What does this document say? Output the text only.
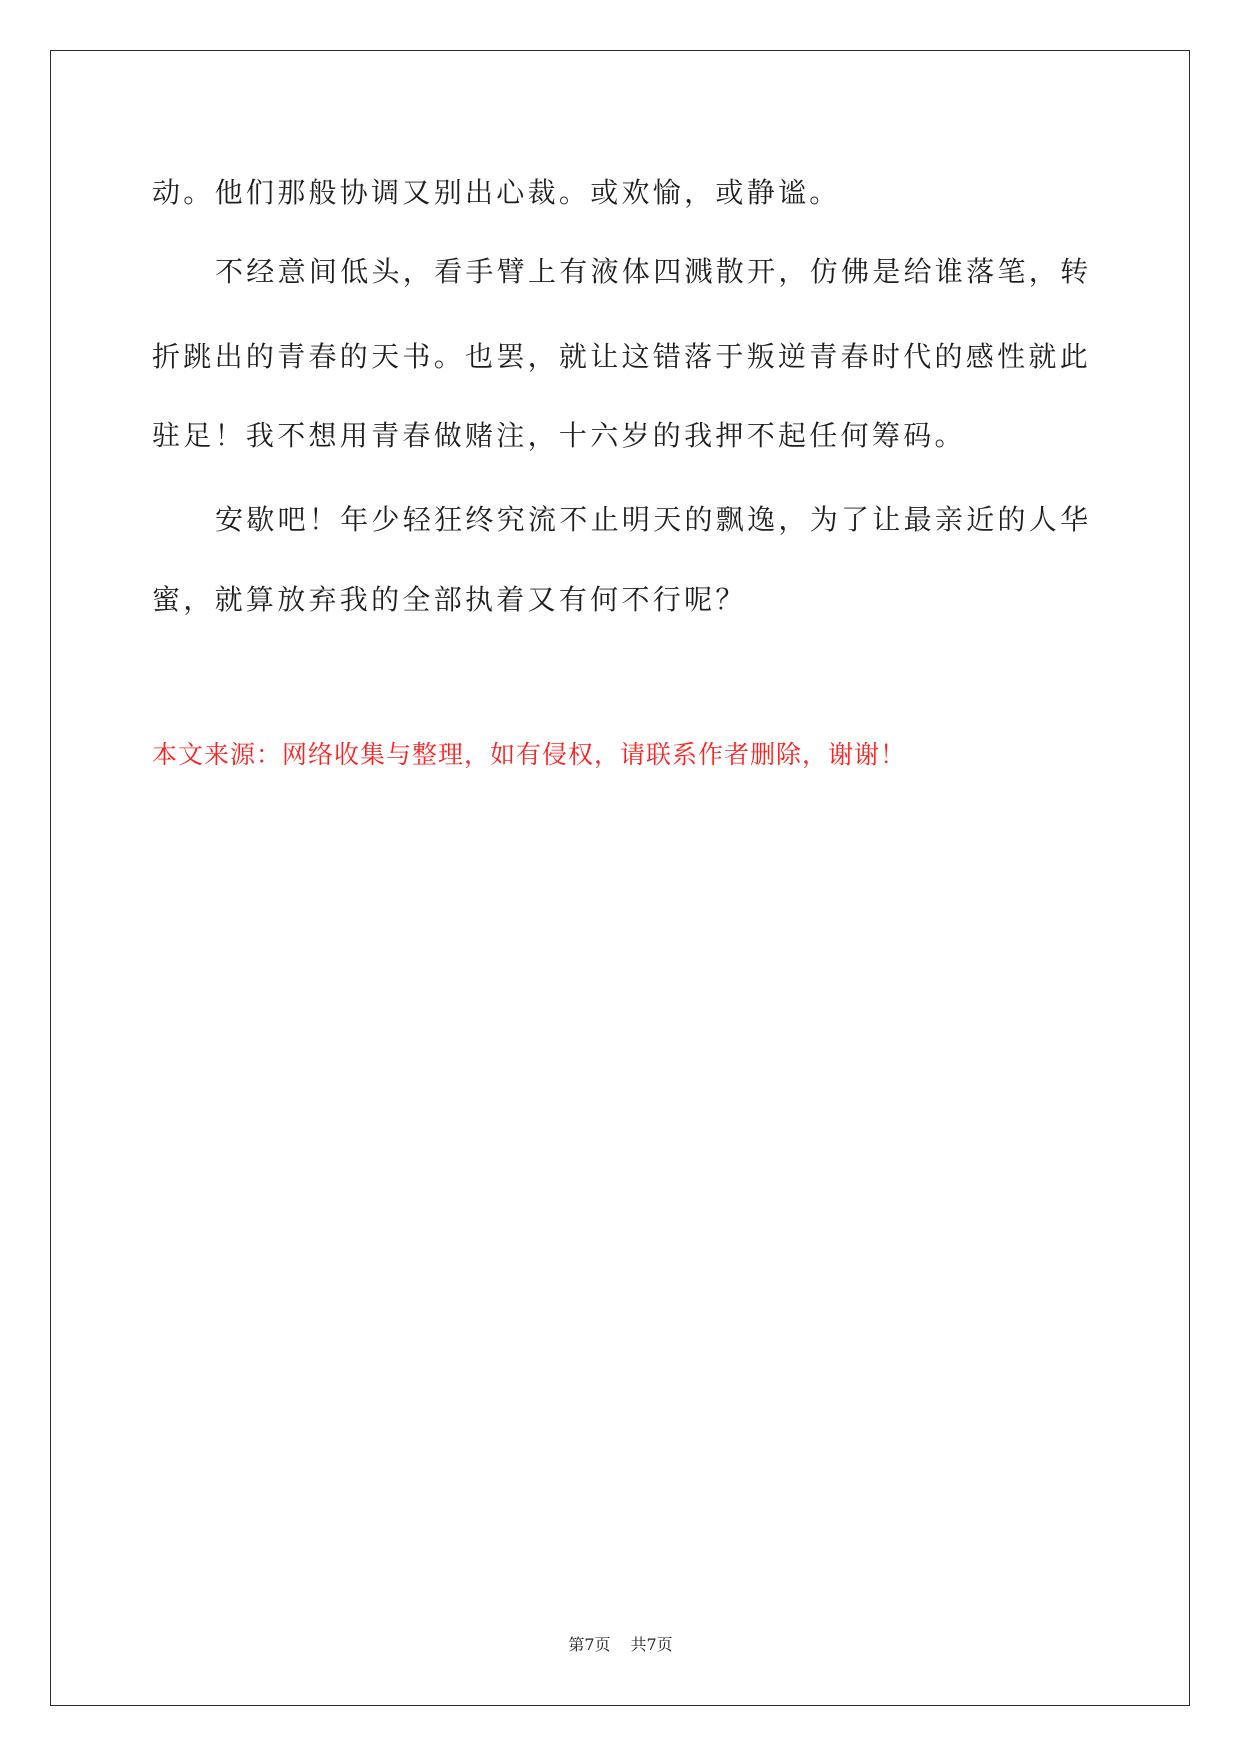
动。他们那般协调又别出心裁。或欢愉，或静谧。
不经意间低头，看手臂上有液体四溅散开，仿佛是给谁落笔，转
折跳出的青春的天书。也罢，就让这错落于叛逆青春时代的感性就此
驻足！我不想用青春做赌注，十六岁的我押不起任何筹码。
安歇吧！年少轻狂终究流不止明天的飘逸，为了让最亲近的人华
蜜，就算放弃我的全部执着又有何不行呢？
本文来源：网络收集与整理，如有侵权，请联系作者删除，谢谢！
第7页 共7页
